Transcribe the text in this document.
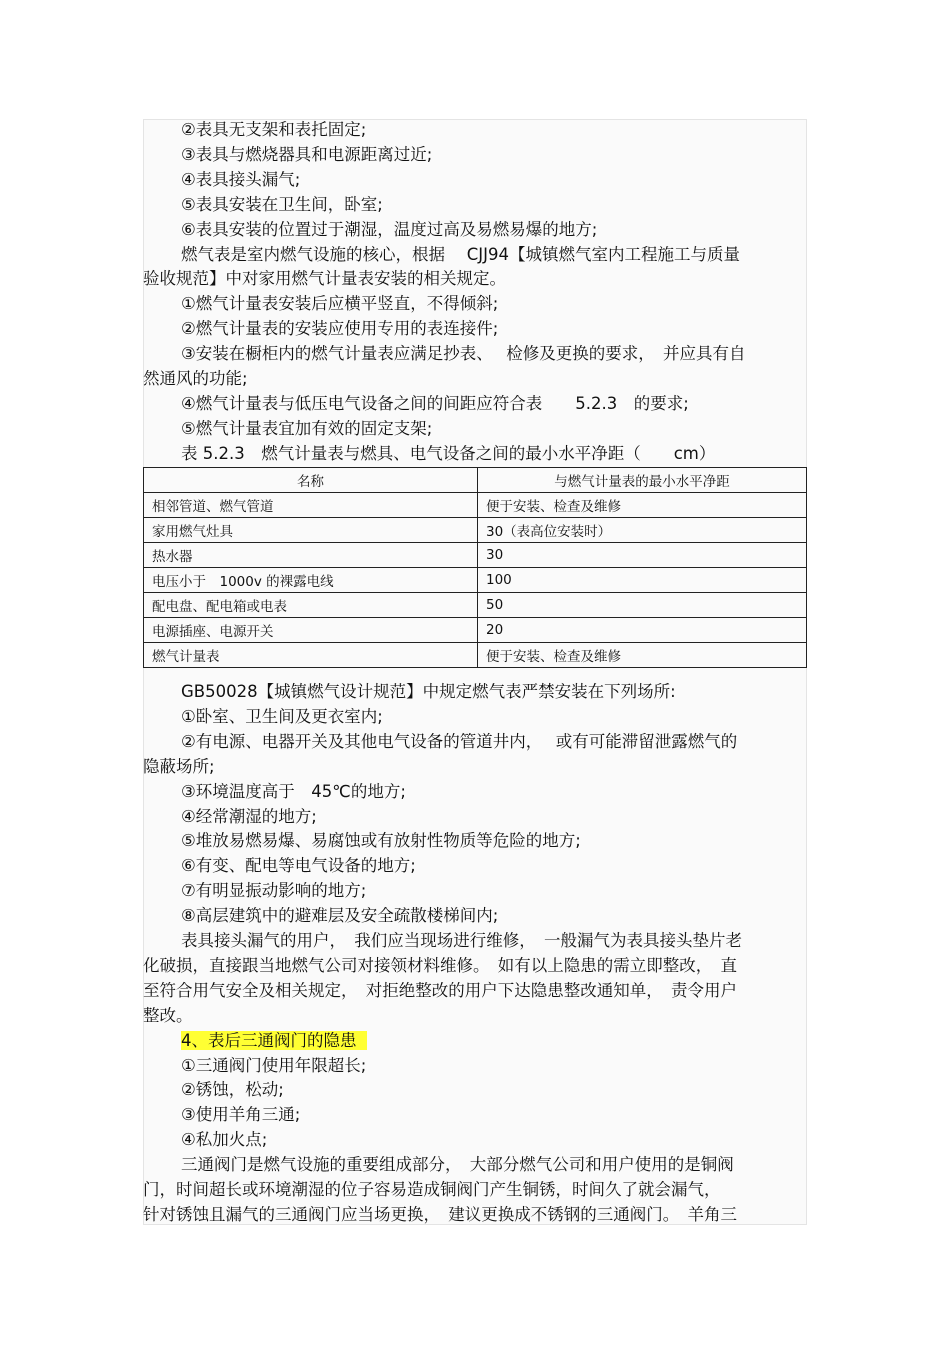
②表具无支架和表托固定;
③表具与燃烧器具和电源距离过近;
④表具接头漏气;
⑤表具安装在卫生间，卧室;
⑥表具安装的位置过于潮湿，温度过高及易燃易爆的地方;
燃气表是室内燃气设施的核心，根据　 CJJ94【城镇燃气室内工程施工与质量
验收规范】中对家用燃气计量表安装的相关规定。
①燃气计量表安装后应横平竖直，不得倾斜;
②燃气计量表的安装应使用专用的表连接件;
③安装在橱柜内的燃气计量表应满足抄表、　 检修及更换的要求，　并应具有自
然通风的功能;
④燃气计量表与低压电气设备之间的间距应符合表　　5.2.3　的要求;
⑤燃气计量表宜加有效的固定支架;
表 5.2.3　燃气计量表与燃具、电气设备之间的最小水平净距（　　cm）
名称	与燃气计量表的最小水平净距
相邻管道、燃气管道	便于安装、检查及维修
家用燃气灶具	30（表高位安装时）
热水器	30
电压小于　1000v 的裸露电线	100
配电盘、配电箱或电表	50
电源插座、电源开关	20
燃气计量表	便于安装、检查及维修
GB50028【城镇燃气设计规范】中规定燃气表严禁安装在下列场所:
①卧室、卫生间及更衣室内;
②有电源、电器开关及其他电气设备的管道井内，　 或有可能滞留泄露燃气的
隐蔽场所;
③环境温度高于　45℃的地方;
④经常潮湿的地方;
⑤堆放易燃易爆、易腐蚀或有放射性物质等危险的地方;
⑥有变、配电等电气设备的地方;
⑦有明显振动影响的地方;
⑧高层建筑中的避难层及安全疏散楼梯间内;
表具接头漏气的用户，　我们应当现场进行维修，　一般漏气为表具接头垫片老
化破损，直接跟当地燃气公司对接领材料维修。　如有以上隐患的需立即整改，　直
至符合用气安全及相关规定，　对拒绝整改的用户下达隐患整改通知单，　责令用户
整改。
4、表后三通阀门的隐患
①三通阀门使用年限超长;
②锈蚀，松动;
③使用羊角三通;
④私加火点;
三通阀门是燃气设施的重要组成部分，　大部分燃气公司和用户使用的是铜阀
门，时间超长或环境潮湿的位子容易造成铜阀门产生铜锈，时间久了就会漏气，
针对锈蚀且漏气的三通阀门应当场更换，　建议更换成不锈钢的三通阀门。　羊角三
